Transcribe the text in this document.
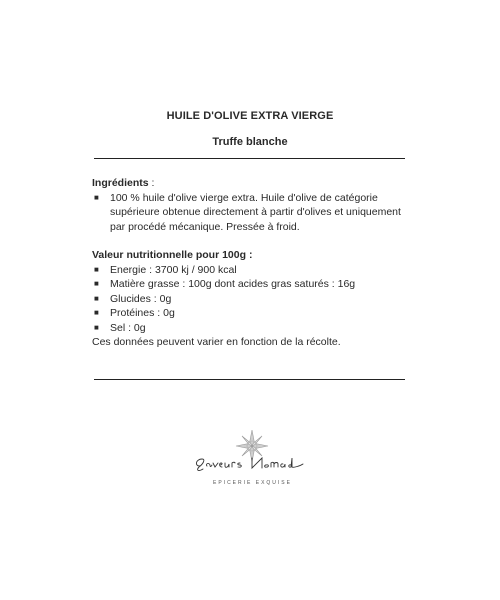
HUILE D'OLIVE EXTRA VIERGE
Truffe blanche
Ingrédients :
■ 100 % huile d'olive vierge extra. Huile d'olive de catégorie supérieure obtenue directement à partir d'olives et uniquement par procédé mécanique. Pressée à froid.
Valeur nutritionnelle pour 100g :
■ Energie : 3700 kj / 900 kcal
■ Matière grasse : 100g dont acides gras saturés : 16g
■ Glucides : 0g
■ Protéines : 0g
■ Sel : 0g
Ces données peuvent varier en fonction de la récolte.
EPICERIE EXQUISE
